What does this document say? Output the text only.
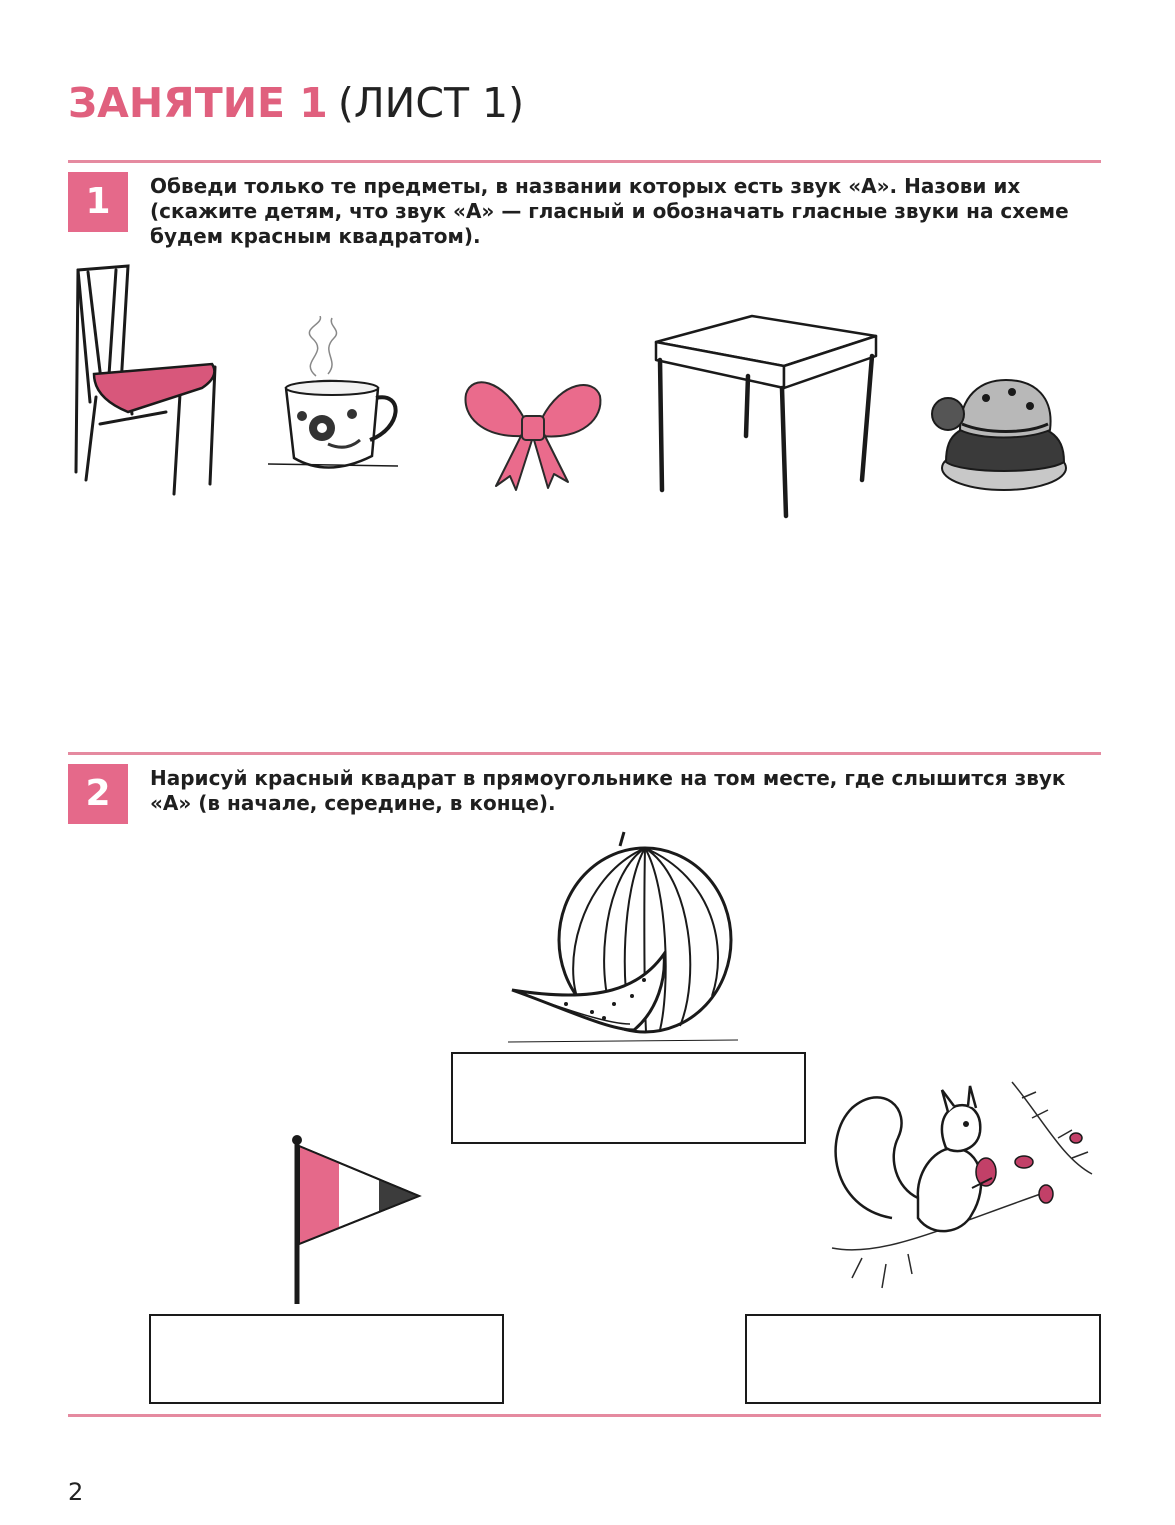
ЗАНЯТИЕ 1 (ЛИСТ 1)
1	Обведи только те предметы, в названии которых есть звук «А». Назови их (скажите детям, что звук «А» — гласный и обозначать гласные звуки на схеме будем красным квадратом).
2	Нарисуй красный квадрат в прямоугольнике на том месте, где слышится звук «А» (в начале, середине, в конце).
2
